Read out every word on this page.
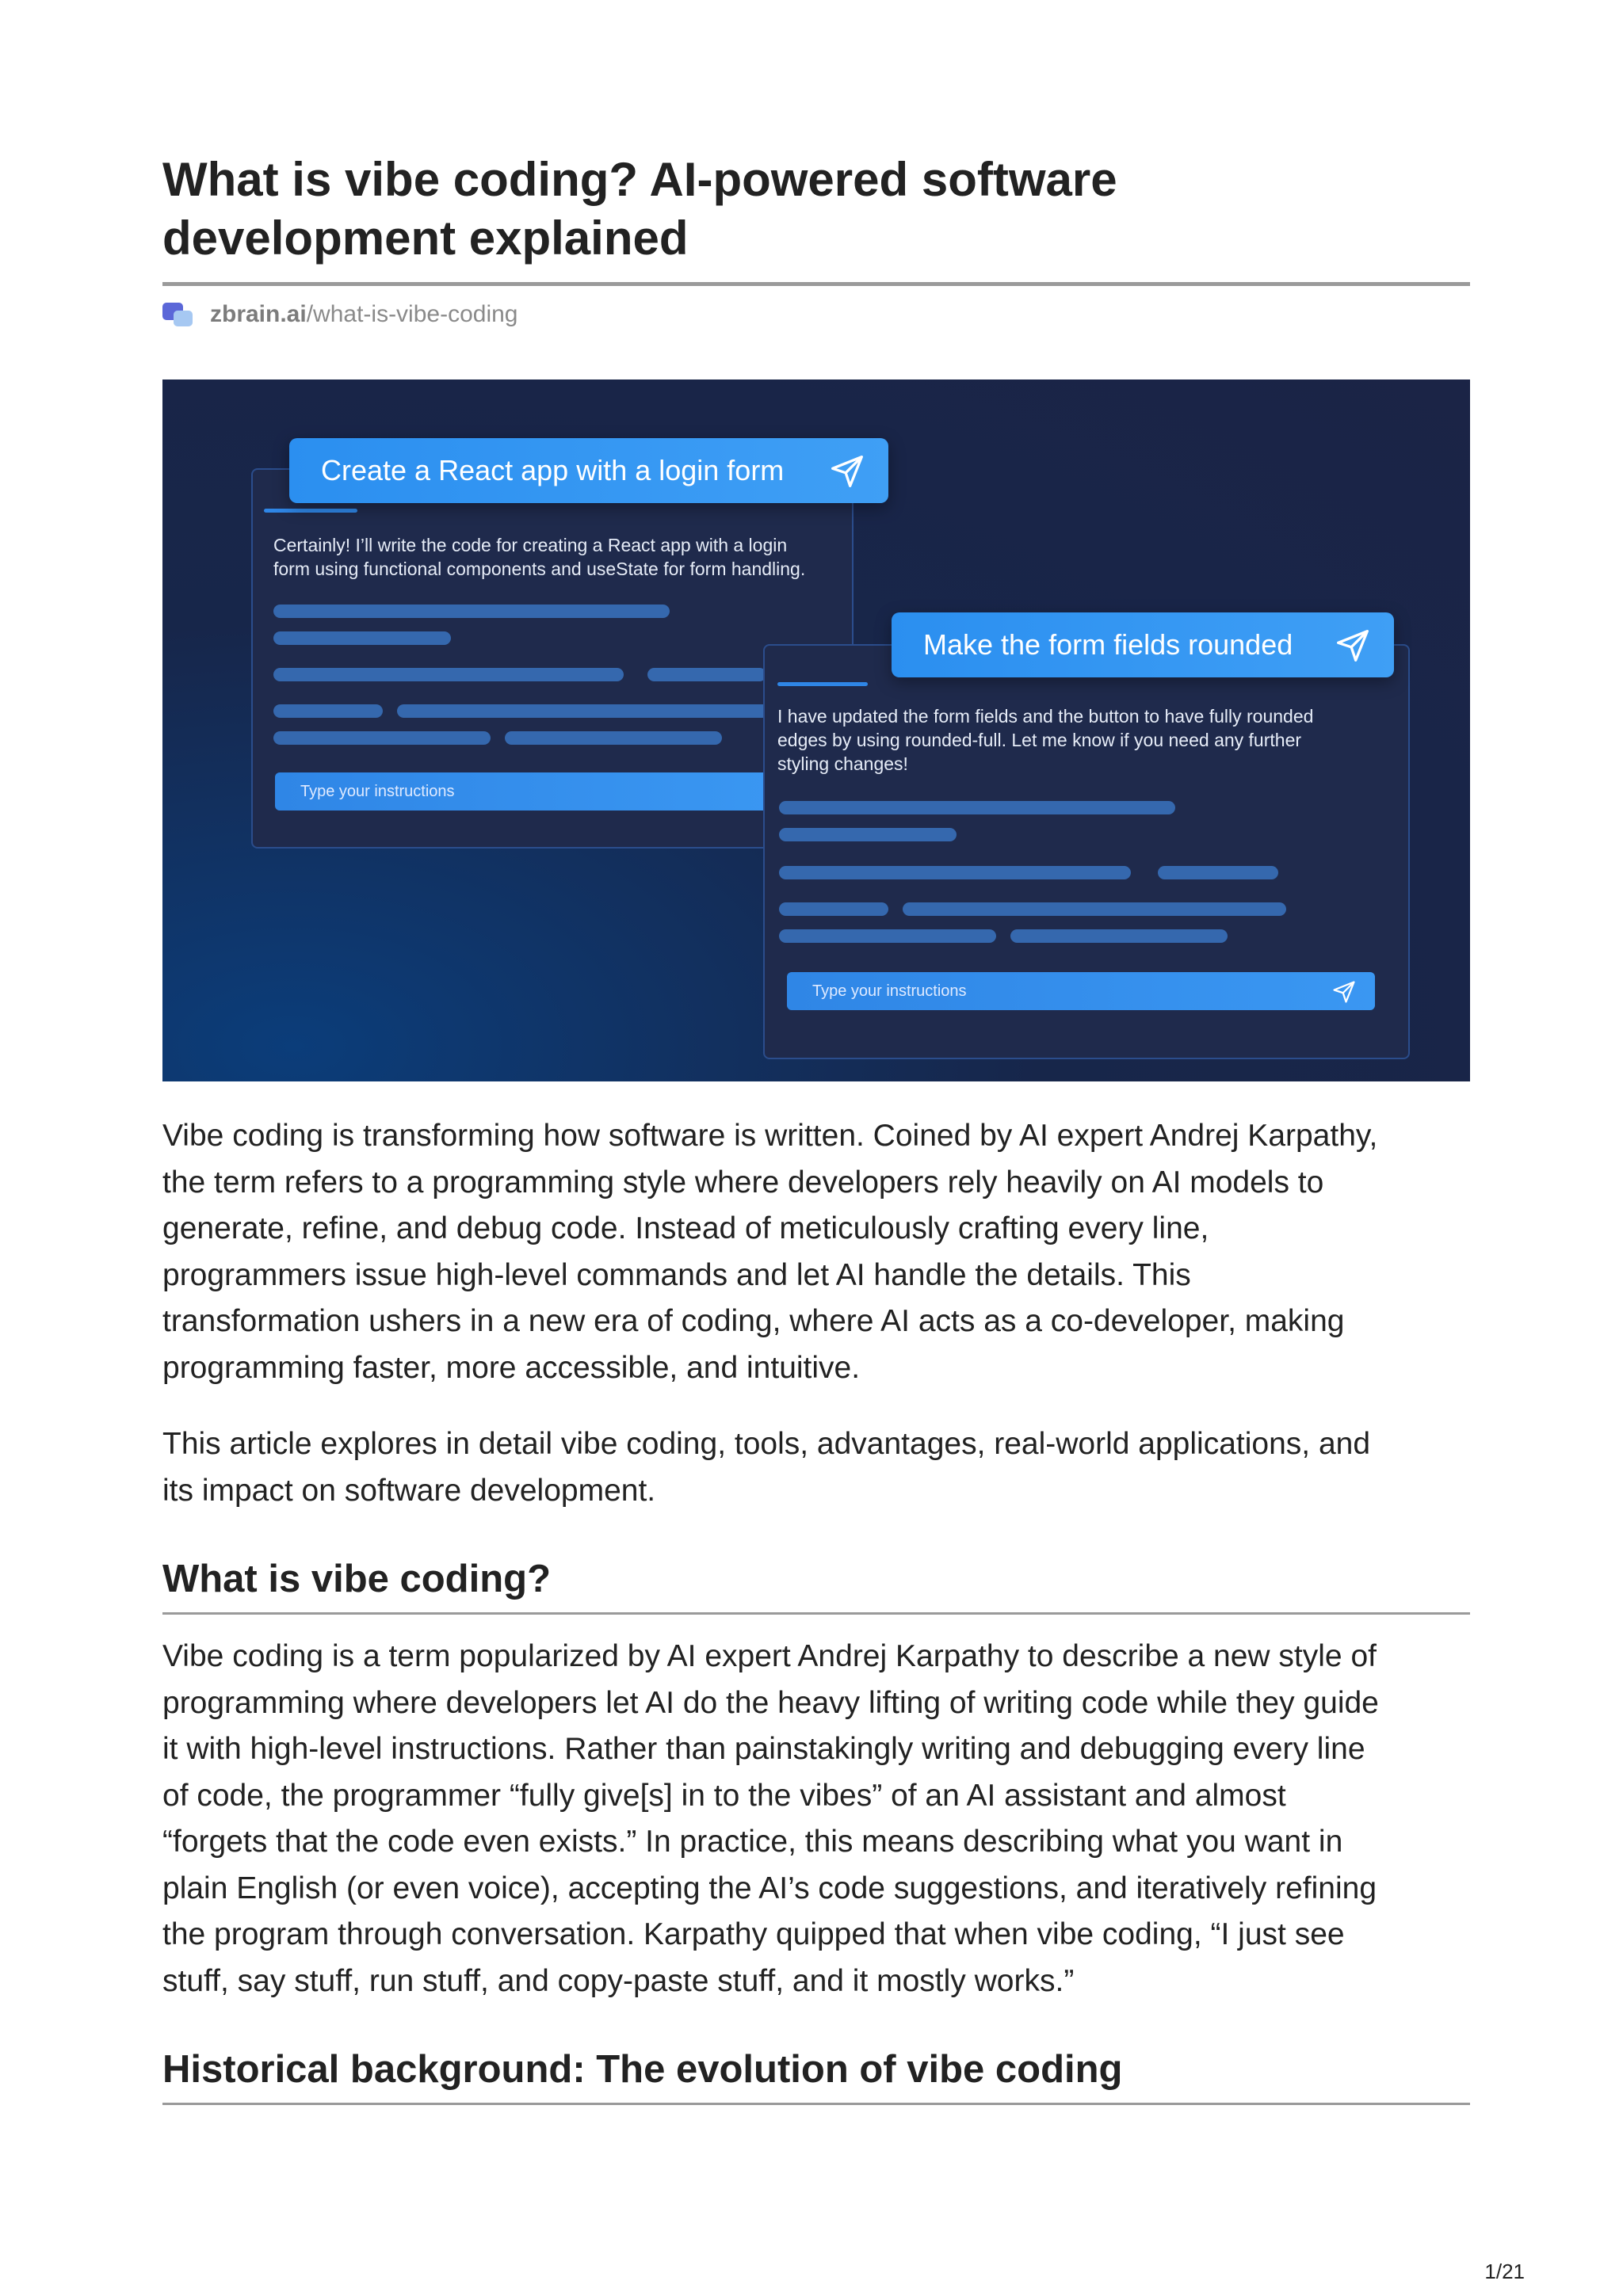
What is vibe coding? AI-powered software
development explained
zbrain.ai /what-is-vibe-coding
Create a React app with a login form
Certainly! I’ll write the code for creating a React app with a login
form using functional components and useState for form handling.
Type your instructions
Make the form fields rounded
I have updated the form fields and the button to have fully rounded
edges by using rounded-full. Let me know if you need any further
styling changes!
Type your instructions

Vibe coding is transforming how software is written. Coined by AI expert Andrej Karpathy,
the term refers to a programming style where developers rely heavily on AI models to
generate, refine, and debug code. Instead of meticulously crafting every line,
programmers issue high-level commands and let AI handle the details. This
transformation ushers in a new era of coding, where AI acts as a co-developer, making
programming faster, more accessible, and intuitive.

This article explores in detail vibe coding, tools, advantages, real-world applications, and
its impact on software development.

What is vibe coding?

Vibe coding is a term popularized by AI expert Andrej Karpathy to describe a new style of
programming where developers let AI do the heavy lifting of writing code while they guide
it with high-level instructions. Rather than painstakingly writing and debugging every line
of code, the programmer “fully give[s] in to the vibes” of an AI assistant and almost
“forgets that the code even exists.” In practice, this means describing what you want in
plain English (or even voice), accepting the AI’s code suggestions, and iteratively refining
the program through conversation. Karpathy quipped that when vibe coding, “I just see
stuff, say stuff, run stuff, and copy-paste stuff, and it mostly works.”

Historical background: The evolution of vibe coding
1/21
